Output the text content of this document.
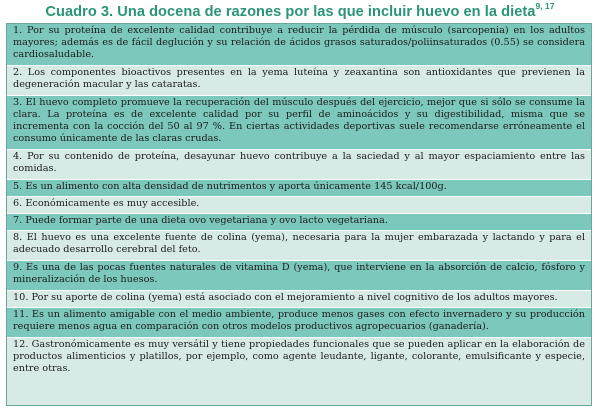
Cuadro 3. Una docena de razones por las que incluir huevo en la dieta$^{9, 17}$
1. Por su proteína de excelente calidad contribuye a reducir la pérdida de músculo (sarcopenia) en los adultos mayores; además es de fácil deglución y su relación de ácidos grasos saturados/poliinsaturados (0.55) se considera cardiosaludable.
2. Los componentes bioactivos presentes en la yema luteína y zeaxantina son antioxidantes que previenen la degeneración macular y las cataratas.
3. El huevo completo promueve la recuperación del músculo después del ejercicio, mejor que si sólo se consume la clara. La proteína es de excelente calidad por su perfil de aminoácidos y su digestibilidad, misma que se incrementa con la cocción del 50 al 97 %. En ciertas actividades deportivas suele recomendarse erróneamente el consumo únicamente de las claras crudas.
4. Por su contenido de proteína, desayunar huevo contribuye a la saciedad y al mayor espaciamiento entre las comidas.
5. Es un alimento con alta densidad de nutrimentos y aporta únicamente 145 kcal/100g.
6. Económicamente es muy accesible.
7. Puede formar parte de una dieta ovo vegetariana y ovo lacto vegetariana.
8. El huevo es una excelente fuente de colina (yema), necesaria para la mujer embarazada y lactando y para el adecuado desarrollo cerebral del feto.
9. Es una de las pocas fuentes naturales de vitamina D (yema), que interviene en la absorción de calcio, fósforo y mineralización de los huesos.
10. Por su aporte de colina (yema) está asociado con el mejoramiento a nivel cognitivo de los adultos mayores.
11. Es un alimento amigable con el medio ambiente, produce menos gases con efecto invernadero y su producción requiere menos agua en comparación con otros modelos productivos agropecuarios (ganadería).
12. Gastronómicamente es muy versátil y tiene propiedades funcionales que se pueden aplicar en la elaboración de productos alimenticios y platillos, por ejemplo, como agente leudante, ligante, colorante, emulsificante y especie, entre otras.
